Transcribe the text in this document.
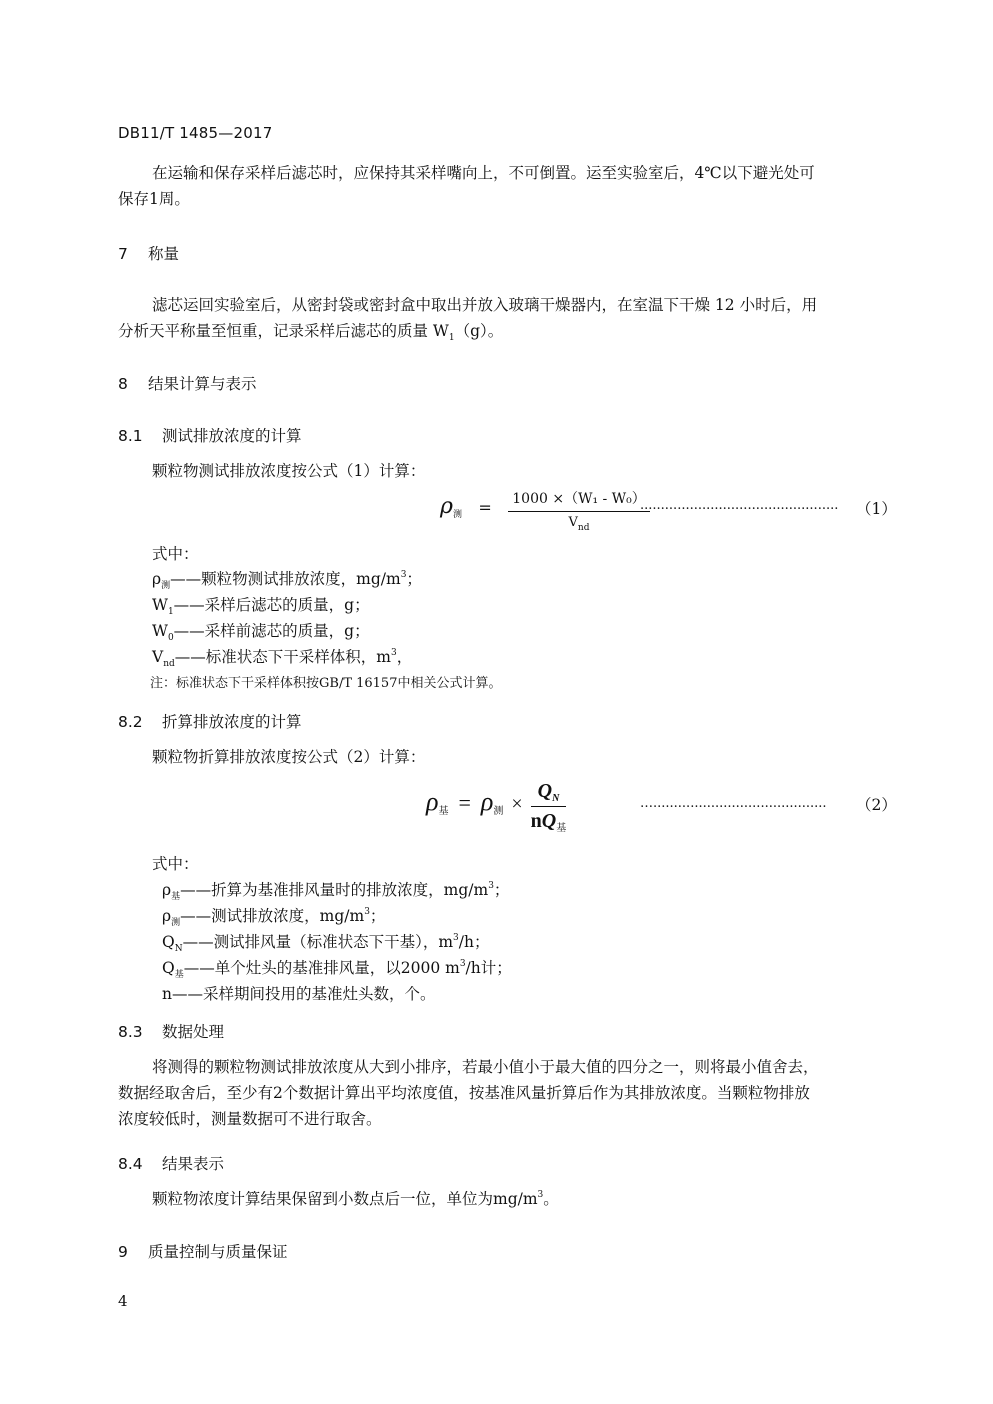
DB11/T 1485—2017
在运输和保存采样后滤芯时，应保持其采样嘴向上，不可倒置。运至实验室后，4℃以下避光处可
保存1周。
7 称量
滤芯运回实验室后，从密封袋或密封盒中取出并放入玻璃干燥器内，在室温下干燥 12 小时后，用
分析天平称量至恒重，记录采样后滤芯的质量 $W_1(g)$。
8 结果计算与表示
8.1 测试排放浓度的计算
颗粒物测试排放浓度按公式（1）计算：
$\rho_测 = \frac{\text{1000 ×（W₁ - W₀）}}{V_{nd}}$
................................................ （1）
式中：
$\rho_测——$颗粒物测试排放浓度，$mg/m^3$；
$W_1——$采样后滤芯的质量，g；
$W_0——$采样前滤芯的质量，g；
$V_{nd}——$标准状态下干采样体积，$m^3$，
注：标准状态下干采样体积按GB/T 16157中相关公式计算。
8.2 折算排放浓度的计算
颗粒物折算排放浓度按公式（2）计算：
$\rho_基 = \rho_测 \times \frac{Q_N}{nQ_基}$	….......................................... （2）
式中：
$\rho_基——$折算为基准排风量时的排放浓度，$mg/m^3$；
$\rho_测——$测试排放浓度，$mg/m^3$；
$Q_N——$测试排风量（标准状态下干基），$m^3/h$；
$Q_基——$单个灶头的基准排风量，以2000 $m^3/h$计；
n——采样期间投用的基准灶头数，个。
8.3 数据处理
将测得的颗粒物测试排放浓度从大到小排序，若最小值小于最大值的四分之一，则将最小值舍去，
数据经取舍后，至少有2个数据计算出平均浓度值，按基准风量折算后作为其排放浓度。当颗粒物排放
浓度较低时，测量数据可不进行取舍。
8.4 结果表示
颗粒物浓度计算结果保留到小数点后一位，单位为$mg/m^3$。
9 质量控制与质量保证
4
